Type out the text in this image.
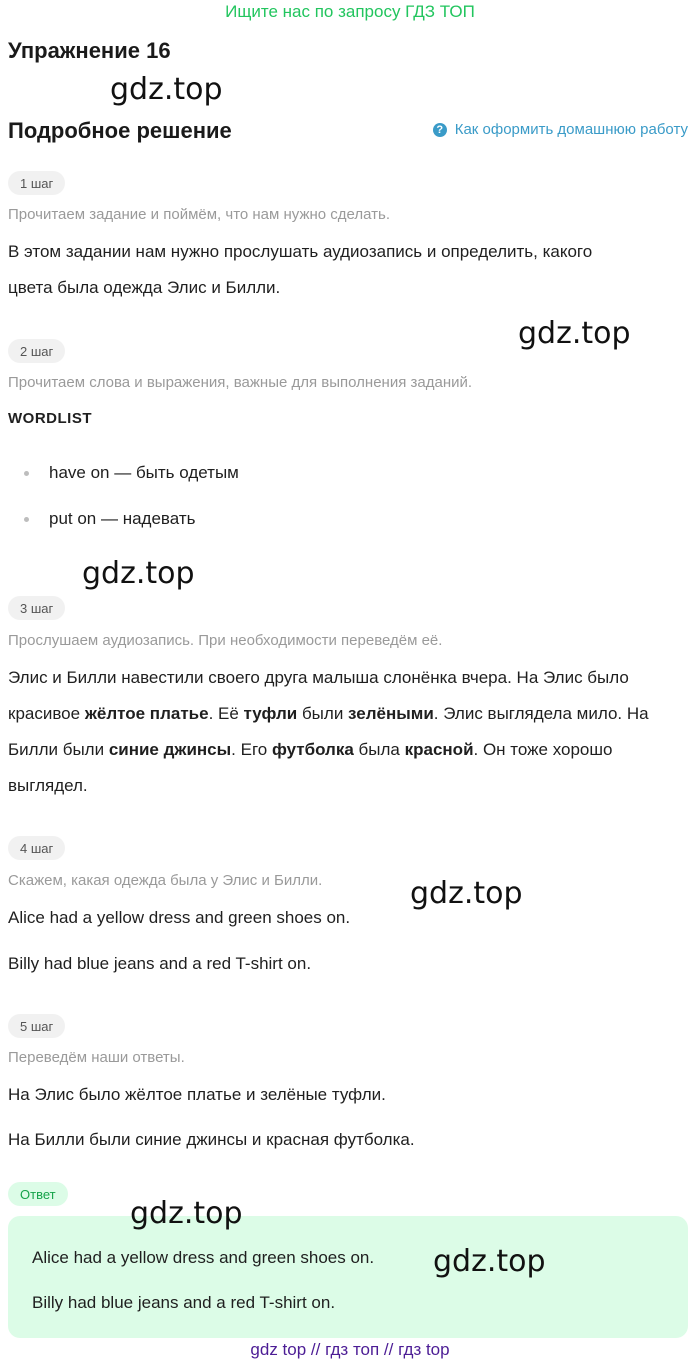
Ищите нас по запросу ГДЗ ТОП
Упражнение 16
gdz.top
Подробное решение	? Как оформить домашнюю работу
1 шаг
Прочитаем задание и поймём, что нам нужно сделать.
В этом задании нам нужно прослушать аудиозапись и определить, какого
цвета была одежда Элис и Билли.
gdz.top
2 шаг
Прочитаем слова и выражения, важные для выполнения заданий.
WORDLIST
have on — быть одетым
put on — надевать
gdz.top
3 шаг
Прослушаем аудиозапись. При необходимости переведём её.
Элис и Билли навестили своего друга малыша слонёнка вчера. На Элис было
красивое жёлтое платье. Её туфли были зелёными. Элис выглядела мило. На
Билли были синие джинсы. Его футболка была красной. Он тоже хорошо
выглядел.
4 шаг
Скажем, какая одежда была у Элис и Билли.	gdz.top
Alice had a yellow dress and green shoes on.
Billy had blue jeans and a red T-shirt on.
5 шаг
Переведём наши ответы.
На Элис было жёлтое платье и зелёные туфли.
На Билли были синие джинсы и красная футболка.
Ответ
gdz.top
Alice had a yellow dress and green shoes on. gdz.top
Billy had blue jeans and a red T-shirt on.
gdz top // гдз топ // гдз top
